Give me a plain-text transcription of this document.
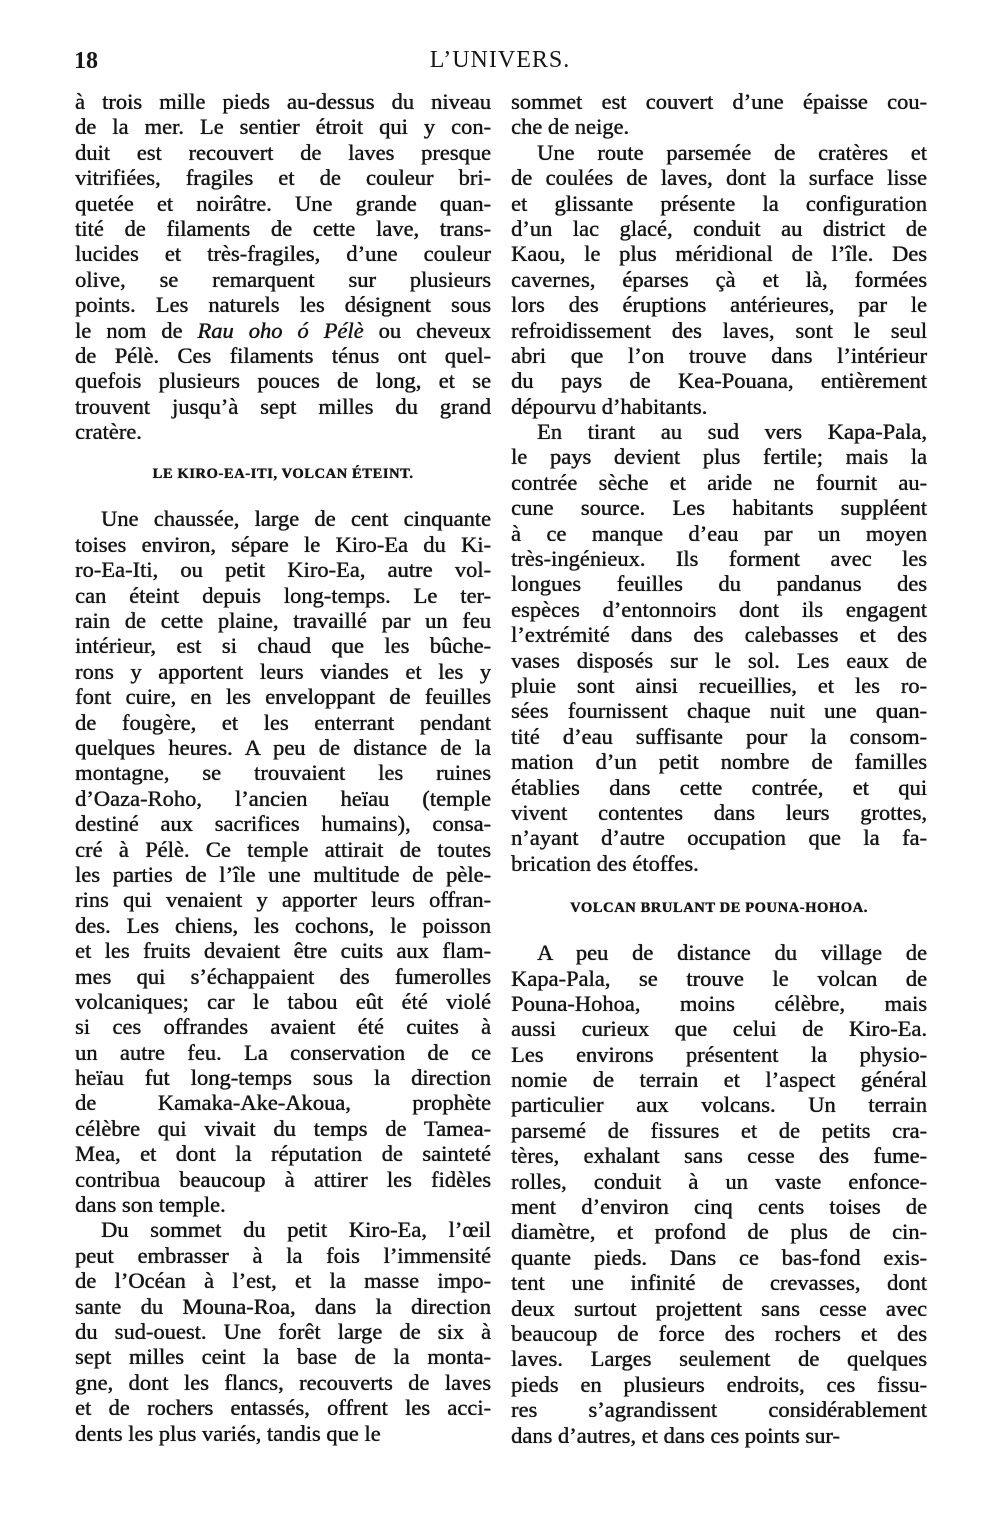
18	L’UNIVERS.
à trois mille pieds au-dessus du niveau
de la mer. Le sentier étroit qui y con-
duit est recouvert de laves presque
vitrifiées, fragiles et de couleur bri-
quetée et noirâtre. Une grande quan-
tité de filaments de cette lave, trans-
lucides et très-fragiles, d’une couleur
olive, se remarquent sur plusieurs
points. Les naturels les désignent sous
le nom de Rau oho ó Pélè ou cheveux
de Pélè. Ces filaments ténus ont quel-
quefois plusieurs pouces de long, et se
trouvent jusqu’à sept milles du grand
cratère.
LE KIRO-EA-ITI, VOLCAN ÉTEINT.
Une chaussée, large de cent cinquante
toises environ, sépare le Kiro-Ea du Ki-
ro-Ea-Iti, ou petit Kiro-Ea, autre vol-
can éteint depuis long-temps. Le ter-
rain de cette plaine, travaillé par un feu
intérieur, est si chaud que les bûche-
rons y apportent leurs viandes et les y
font cuire, en les enveloppant de feuilles
de fougère, et les enterrant pendant
quelques heures. A peu de distance de la
montagne, se trouvaient les ruines
d’Oaza-Roho, l’ancien heïau (temple
destiné aux sacrifices humains), consa-
cré à Pélè. Ce temple attirait de toutes
les parties de l’île une multitude de pèle-
rins qui venaient y apporter leurs offran-
des. Les chiens, les cochons, le poisson
et les fruits devaient être cuits aux flam-
mes qui s’échappaient des fumerolles
volcaniques; car le tabou eût été violé
si ces offrandes avaient été cuites à
un autre feu. La conservation de ce
heïau fut long-temps sous la direction
de Kamaka-Ake-Akoua, prophète
célèbre qui vivait du temps de Tamea-
Mea, et dont la réputation de sainteté
contribua beaucoup à attirer les fidèles
dans son temple.
Du sommet du petit Kiro-Ea, l’œil
peut embrasser à la fois l’immensité
de l’Océan à l’est, et la masse impo-
sante du Mouna-Roa, dans la direction
du sud-ouest. Une forêt large de six à
sept milles ceint la base de la monta-
gne, dont les flancs, recouverts de laves
et de rochers entassés, offrent les acci-
dents les plus variés, tandis que le
sommet est couvert d’une épaisse cou-
che de neige.
Une route parsemée de cratères et
de coulées de laves, dont la surface lisse
et glissante présente la configuration
d’un lac glacé, conduit au district de
Kaou, le plus méridional de l’île. Des
cavernes, éparses çà et là, formées
lors des éruptions antérieures, par le
refroidissement des laves, sont le seul
abri que l’on trouve dans l’intérieur
du pays de Kea-Pouana, entièrement
dépourvu d’habitants.
En tirant au sud vers Kapa-Pala,
le pays devient plus fertile; mais la
contrée sèche et aride ne fournit au-
cune source. Les habitants suppléent
à ce manque d’eau par un moyen
très-ingénieux. Ils forment avec les
longues feuilles du pandanus des
espèces d’entonnoirs dont ils engagent
l’extrémité dans des calebasses et des
vases disposés sur le sol. Les eaux de
pluie sont ainsi recueillies, et les ro-
sées fournissent chaque nuit une quan-
tité d’eau suffisante pour la consom-
mation d’un petit nombre de familles
établies dans cette contrée, et qui
vivent contentes dans leurs grottes,
n’ayant d’autre occupation que la fa-
brication des étoffes.
VOLCAN BRULANT DE POUNA-HOHOA.
A peu de distance du village de
Kapa-Pala, se trouve le volcan de
Pouna-Hohoa, moins célèbre, mais
aussi curieux que celui de Kiro-Ea.
Les environs présentent la physio-
nomie de terrain et l’aspect général
particulier aux volcans. Un terrain
parsemé de fissures et de petits cra-
tères, exhalant sans cesse des fume-
rolles, conduit à un vaste enfonce-
ment d’environ cinq cents toises de
diamètre, et profond de plus de cin-
quante pieds. Dans ce bas-fond exis-
tent une infinité de crevasses, dont
deux surtout projettent sans cesse avec
beaucoup de force des rochers et des
laves. Larges seulement de quelques
pieds en plusieurs endroits, ces fissu-
res s’agrandissent considérablement
dans d’autres, et dans ces points sur-
